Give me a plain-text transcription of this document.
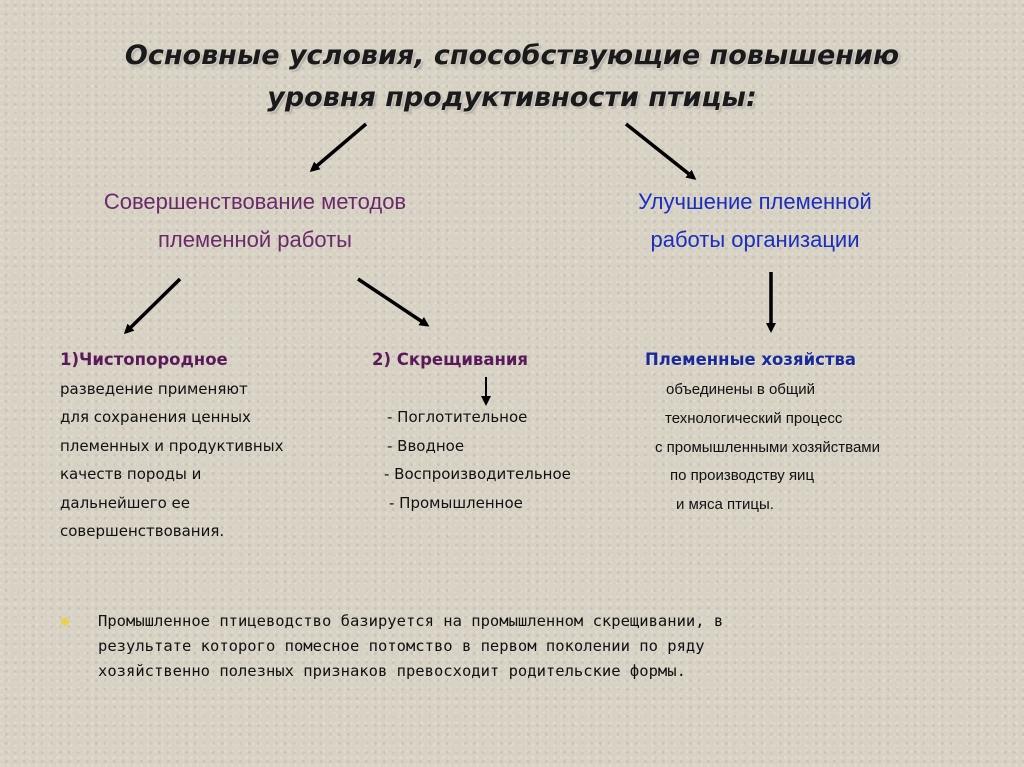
Основные условия, способствующие повышению
уровня продуктивности птицы:
Совершенствование методов
племенной работы
Улучшение племенной
работы организации
1)Чистопородное
разведение применяют
для сохранения ценных
племенных и продуктивных
качеств породы и
дальнейшего ее
совершенствования.
2) Скрещивания
- Поглотительное
- Вводное
- Воспроизводительное
- Промышленное
Племенные хозяйства
объединены в общий
технологический процесс
с промышленными хозяйствами
по производству яиц
и мяса птицы.
◆ Промышленное птицеводство базируется на промышленном скрещивании, в
результате которого помесное потомство в первом поколении по ряду
хозяйственно полезных признаков превосходит родительские формы.
